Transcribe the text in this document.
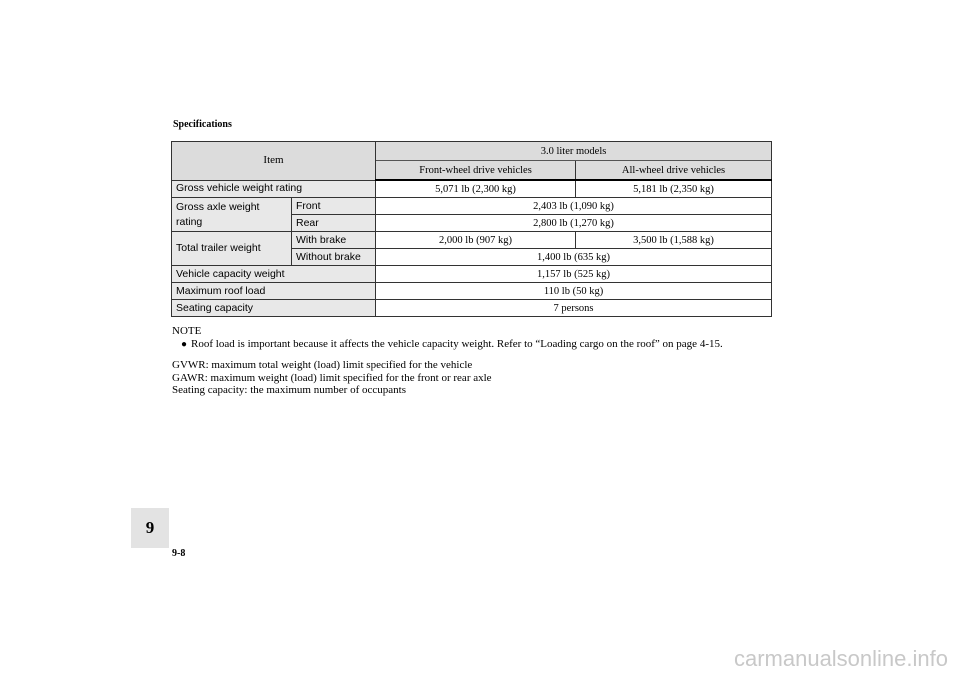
Specifications
Item		3.0 liter models	
		Front-wheel drive vehicles	All-wheel drive vehicles
Gross vehicle weight rating		5,071 lb (2,300 kg)	5,181 lb (2,350 kg)
Gross axle weight rating	Front	2,403 lb (1,090 kg)	
	Rear	2,800 lb (1,270 kg)	
Total trailer weight	With brake	2,000 lb (907 kg)	3,500 lb (1,588 kg)
	Without brake	1,400 lb (635 kg)	
Vehicle capacity weight		1,157 lb (525 kg)	
Maximum roof load		110 lb (50 kg)	
Seating capacity		7 persons	
NOTE
● Roof load is important because it affects the vehicle capacity weight. Refer to “Loading cargo on the roof” on page 4-15.
GVWR: maximum total weight (load) limit specified for the vehicle
GAWR: maximum weight (load) limit specified for the front or rear axle
Seating capacity: the maximum number of occupants
9
9-8
carmanualsonline.info
